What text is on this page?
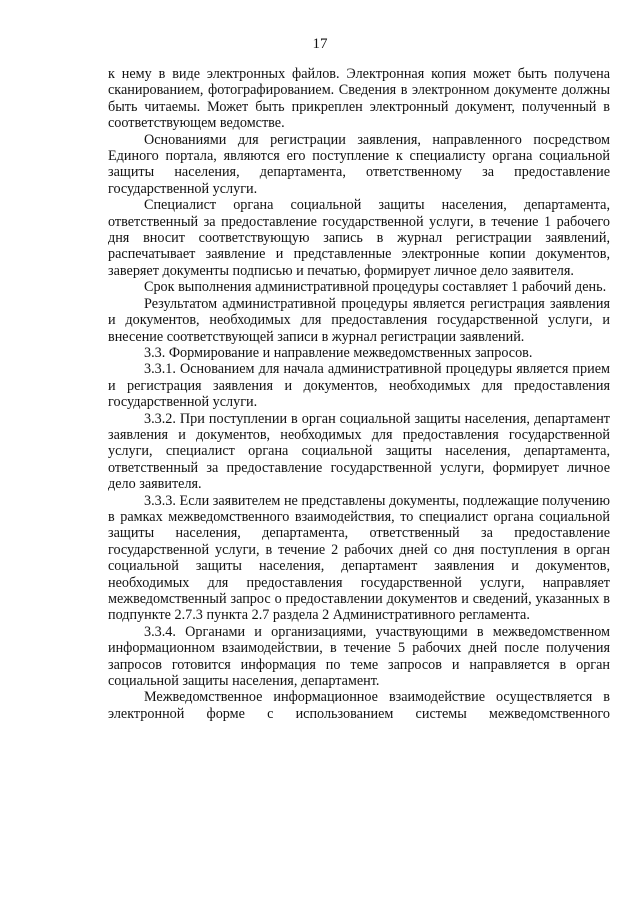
17

к нему в виде электронных файлов. Электронная копия может быть получена сканированием, фотографированием. Сведения в электронном документе должны быть читаемы. Может быть прикреплен электронный документ, полученный в соответствующем ведомстве.

Основаниями для регистрации заявления, направленного посредством Единого портала, являются его поступление к специалисту органа социальной защиты населения, департамента, ответственному за предоставление государственной услуги.

Специалист органа социальной защиты населения, департамента, ответственный за предоставление государственной услуги, в течение 1 рабочего дня вносит соответствующую запись в журнал регистрации заявлений, распечатывает заявление и представленные электронные копии документов, заверяет документы подписью и печатью, формирует личное дело заявителя.

Срок выполнения административной процедуры составляет 1 рабочий день.

Результатом административной процедуры является регистрация заявления и документов, необходимых для предоставления государственной услуги, и внесение соответствующей записи в журнал регистрации заявлений.

3.3. Формирование и направление межведомственных запросов.

3.3.1. Основанием для начала административной процедуры является прием и регистрация заявления и документов, необходимых для предоставления государственной услуги.

3.3.2. При поступлении в орган социальной защиты населения, департамент заявления и документов, необходимых для предоставления государственной услуги, специалист органа социальной защиты населения, департамента, ответственный за предоставление государственной услуги, формирует личное дело заявителя.

3.3.3. Если заявителем не представлены документы, подлежащие получению в рамках межведомственного взаимодействия, то специалист органа социальной защиты населения, департамента, ответственный за предоставление государственной услуги, в течение 2 рабочих дней со дня поступления в орган социальной защиты населения, департамент заявления и документов, необходимых для предоставления государственной услуги, направляет межведомственный запрос о предоставлении документов и сведений, указанных в подпункте 2.7.3 пункта 2.7 раздела 2 Административного регламента.

3.3.4. Органами и организациями, участвующими в межведомственном информационном взаимодействии, в течение 5 рабочих дней после получения запросов готовится информация по теме запросов и направляется в орган социальной защиты населения, департамент.

Межведомственное информационное взаимодействие осуществляется в электронной форме с использованием системы межведомственного
